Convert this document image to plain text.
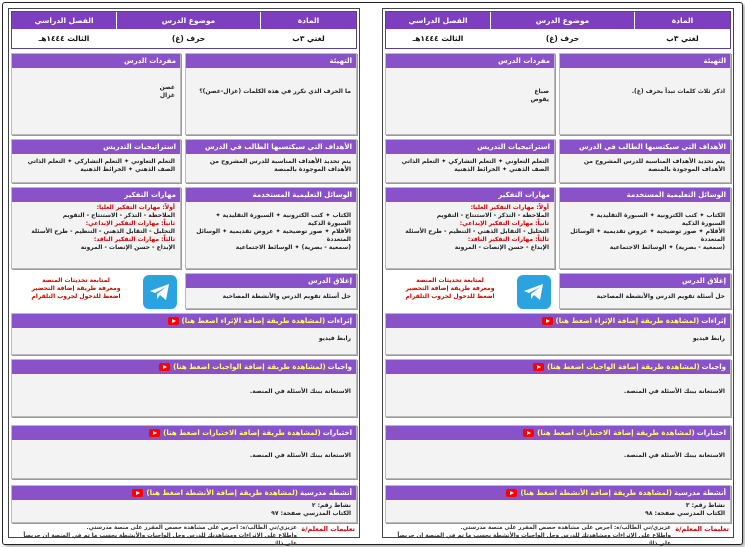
المادة
لغتي ٣ب
موضوع الدرس
حرف (غ)
الفصل الدراسي
الثالث ١٤٤٤هـ
التهيئة
اذكر ثلاث كلمات تبدأ بحرف (غ).
مفردات الدرس
صباغ
يقوص
الأهداف التي سيكتسبها الطالب في الدرس
يتم تحديد الأهداف المناسبة للدرس المشروح من الأهداف الموجودة بالمنصة
استراتيجيات التدريس
التعلم التعاوني ✦ التعلم التشاركي ✦ التعلم الذاتي
الصف الذهني ✦ الخرائط الذهنية
الوسائل التعليمية المستخدمة
الكتاب ✦ كتب الكترونية ✦ السبورة التقليدية ✦ السبورة الذكية
الأقلام ✦ صور توضيحية ✦ عروض تقديمية ✦ الوسائل المتعددة
(سمعية - بصرية) ✦ الوسائط الاجتماعية
مهارات التفكير
أولاً: مهارات التفكير العليا:
الملاحظة - التذكر - الاستنتاج - التقويم
ثانياً: مهارات التفكير الإبداعي:
التحليل - التقابل الذهني - التنظيم - طرح الأسئلة
ثالثاً: مهارات التفكير الناقد:
الإبداع - حسن الإنصات - المرونة
إغلاق الدرس
حل أسئلة تقويم الدرس والأنشطة المصاحبة
لمتابعة تحديثات المنصة
ومعرفة طريقة إضافة التحضير
اضغط للدخول لجروب التلقرام
إثراءات
(لمشاهدة طريقة إضافة الإثراء اضغط هنا)
رابط فيديو
واجبات
(لمشاهدة طريقة إضافة الواجبات اضغط هنا)
الاستعانة ببنك الأسئلة في المنصة.
اختبارات
(لمشاهدة طريقة إضافة الاختبارات اضغط هنا)
الاستعانة ببنك الأسئلة في المنصة.
أنشطة مدرسية
(لمشاهدة طريقة إضافة الأنشطة اضغط هنا)
نشاط رقم: ٣
الكتاب المدرسي صفحة: ٩٨
تعليمات المعلم/ة
عزيزي/تي الطالب/ة: احرص على مشاهدة حصص المقرر على منصة مدرستي.
واطلاع على الإثراءات ومشاهدتك للدرس وحل الواجبات والأنشطة بحسب ما تم في المنصة إن حريصاً على ذلك
المادة
لغتي ٣ب
موضوع الدرس
حرف (غ)
الفصل الدراسي
الثالث ١٤٤٤هـ
التهيئة
ما الحرف الذي تكرر في هذه الكلمات (غزال-غصن)؟
مفردات الدرس
غصن
غزال
الأهداف التي سيكتسبها الطالب في الدرس
يتم تحديد الأهداف المناسبة للدرس المشروح من الأهداف الموجودة بالمنصة
استراتيجيات التدريس
التعلم التعاوني ✦ التعلم التشاركي ✦ التعلم الذاتي
الصف الذهني ✦ الخرائط الذهنية
الوسائل التعليمية المستخدمة
الكتاب ✦ كتب الكترونية ✦ السبورة التقليدية ✦ السبورة الذكية
الأقلام ✦ صور توضيحية ✦ عروض تقديمية ✦ الوسائل المتعددة
(سمعية - بصرية) ✦ الوسائط الاجتماعية
مهارات التفكير
أولاً: مهارات التفكير العليا:
الملاحظة - التذكر - الاستنتاج - التقويم
ثانياً: مهارات التفكير الإبداعي:
التحليل - التقابل الذهني - التنظيم - طرح الأسئلة
ثالثاً: مهارات التفكير الناقد:
الإبداع - حسن الإنصات - المرونة
إغلاق الدرس
حل أسئلة تقويم الدرس والأنشطة المصاحبة
لمتابعة تحديثات المنصة
ومعرفة طريقة إضافة التحضير
اضغط للدخول لجروب التلقرام
إثراءات
(لمشاهدة طريقة إضافة الإثراء اضغط هنا)
رابط فيديو
واجبات
(لمشاهدة طريقة إضافة الواجبات اضغط هنا)
الاستعانة ببنك الأسئلة في المنصة.
اختبارات
(لمشاهدة طريقة إضافة الاختبارات اضغط هنا)
الاستعانة ببنك الأسئلة في المنصة.
أنشطة مدرسية
(لمشاهدة طريقة إضافة الأنشطة اضغط هنا)
نشاط رقم: ٢
الكتاب المدرسي صفحة: ٩٧
تعليمات المعلم/ة
عزيزي/تي الطالب/ة: احرص على مشاهدة حصص المقرر على منصة مدرستي.
واطلاع على الإثراءات ومشاهدتك للدرس وحل الواجبات والأنشطة بحسب ما تم في المنصة إن حريصاً على ذلك
